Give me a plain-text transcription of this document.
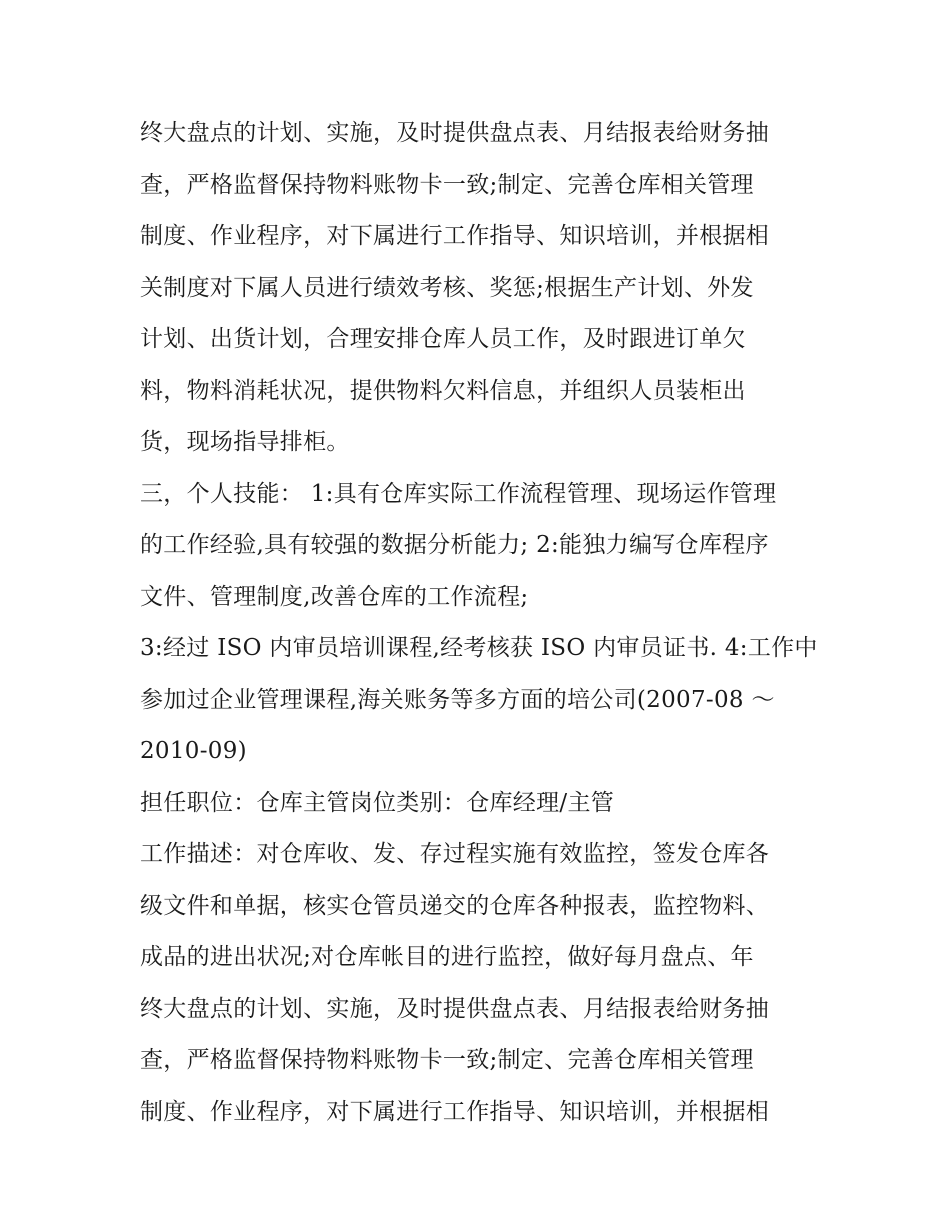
终大盘点的计划、实施，及时提供盘点表、月结报表给财务抽
查，严格监督保持物料账物卡一致;制定、完善仓库相关管理
制度、作业程序，对下属进行工作指导、知识培训，并根据相
关制度对下属人员进行绩效考核、奖惩;根据生产计划、外发
计划、出货计划，合理安排仓库人员工作，及时跟进订单欠
料，物料消耗状况，提供物料欠料信息，并组织人员装柜出
货，现场指导排柜。
三，个人技能： 1:具有仓库实际工作流程管理、现场运作管理
的工作经验,具有较强的数据分析能力; 2:能独力编写仓库程序
文件、管理制度,改善仓库的工作流程;
3:经过 ISO 内审员培训课程,经考核获 ISO 内审员证书. 4:工作中
参加过企业管理课程,海关账务等多方面的培公司(2007-08 ～
2010-09)
担任职位：仓库主管岗位类别：仓库经理/主管
工作描述：对仓库收、发、存过程实施有效监控，签发仓库各
级文件和单据，核实仓管员递交的仓库各种报表，监控物料、
成品的进出状况;对仓库帐目的进行监控，做好每月盘点、年
终大盘点的计划、实施，及时提供盘点表、月结报表给财务抽
查，严格监督保持物料账物卡一致;制定、完善仓库相关管理
制度、作业程序，对下属进行工作指导、知识培训，并根据相
